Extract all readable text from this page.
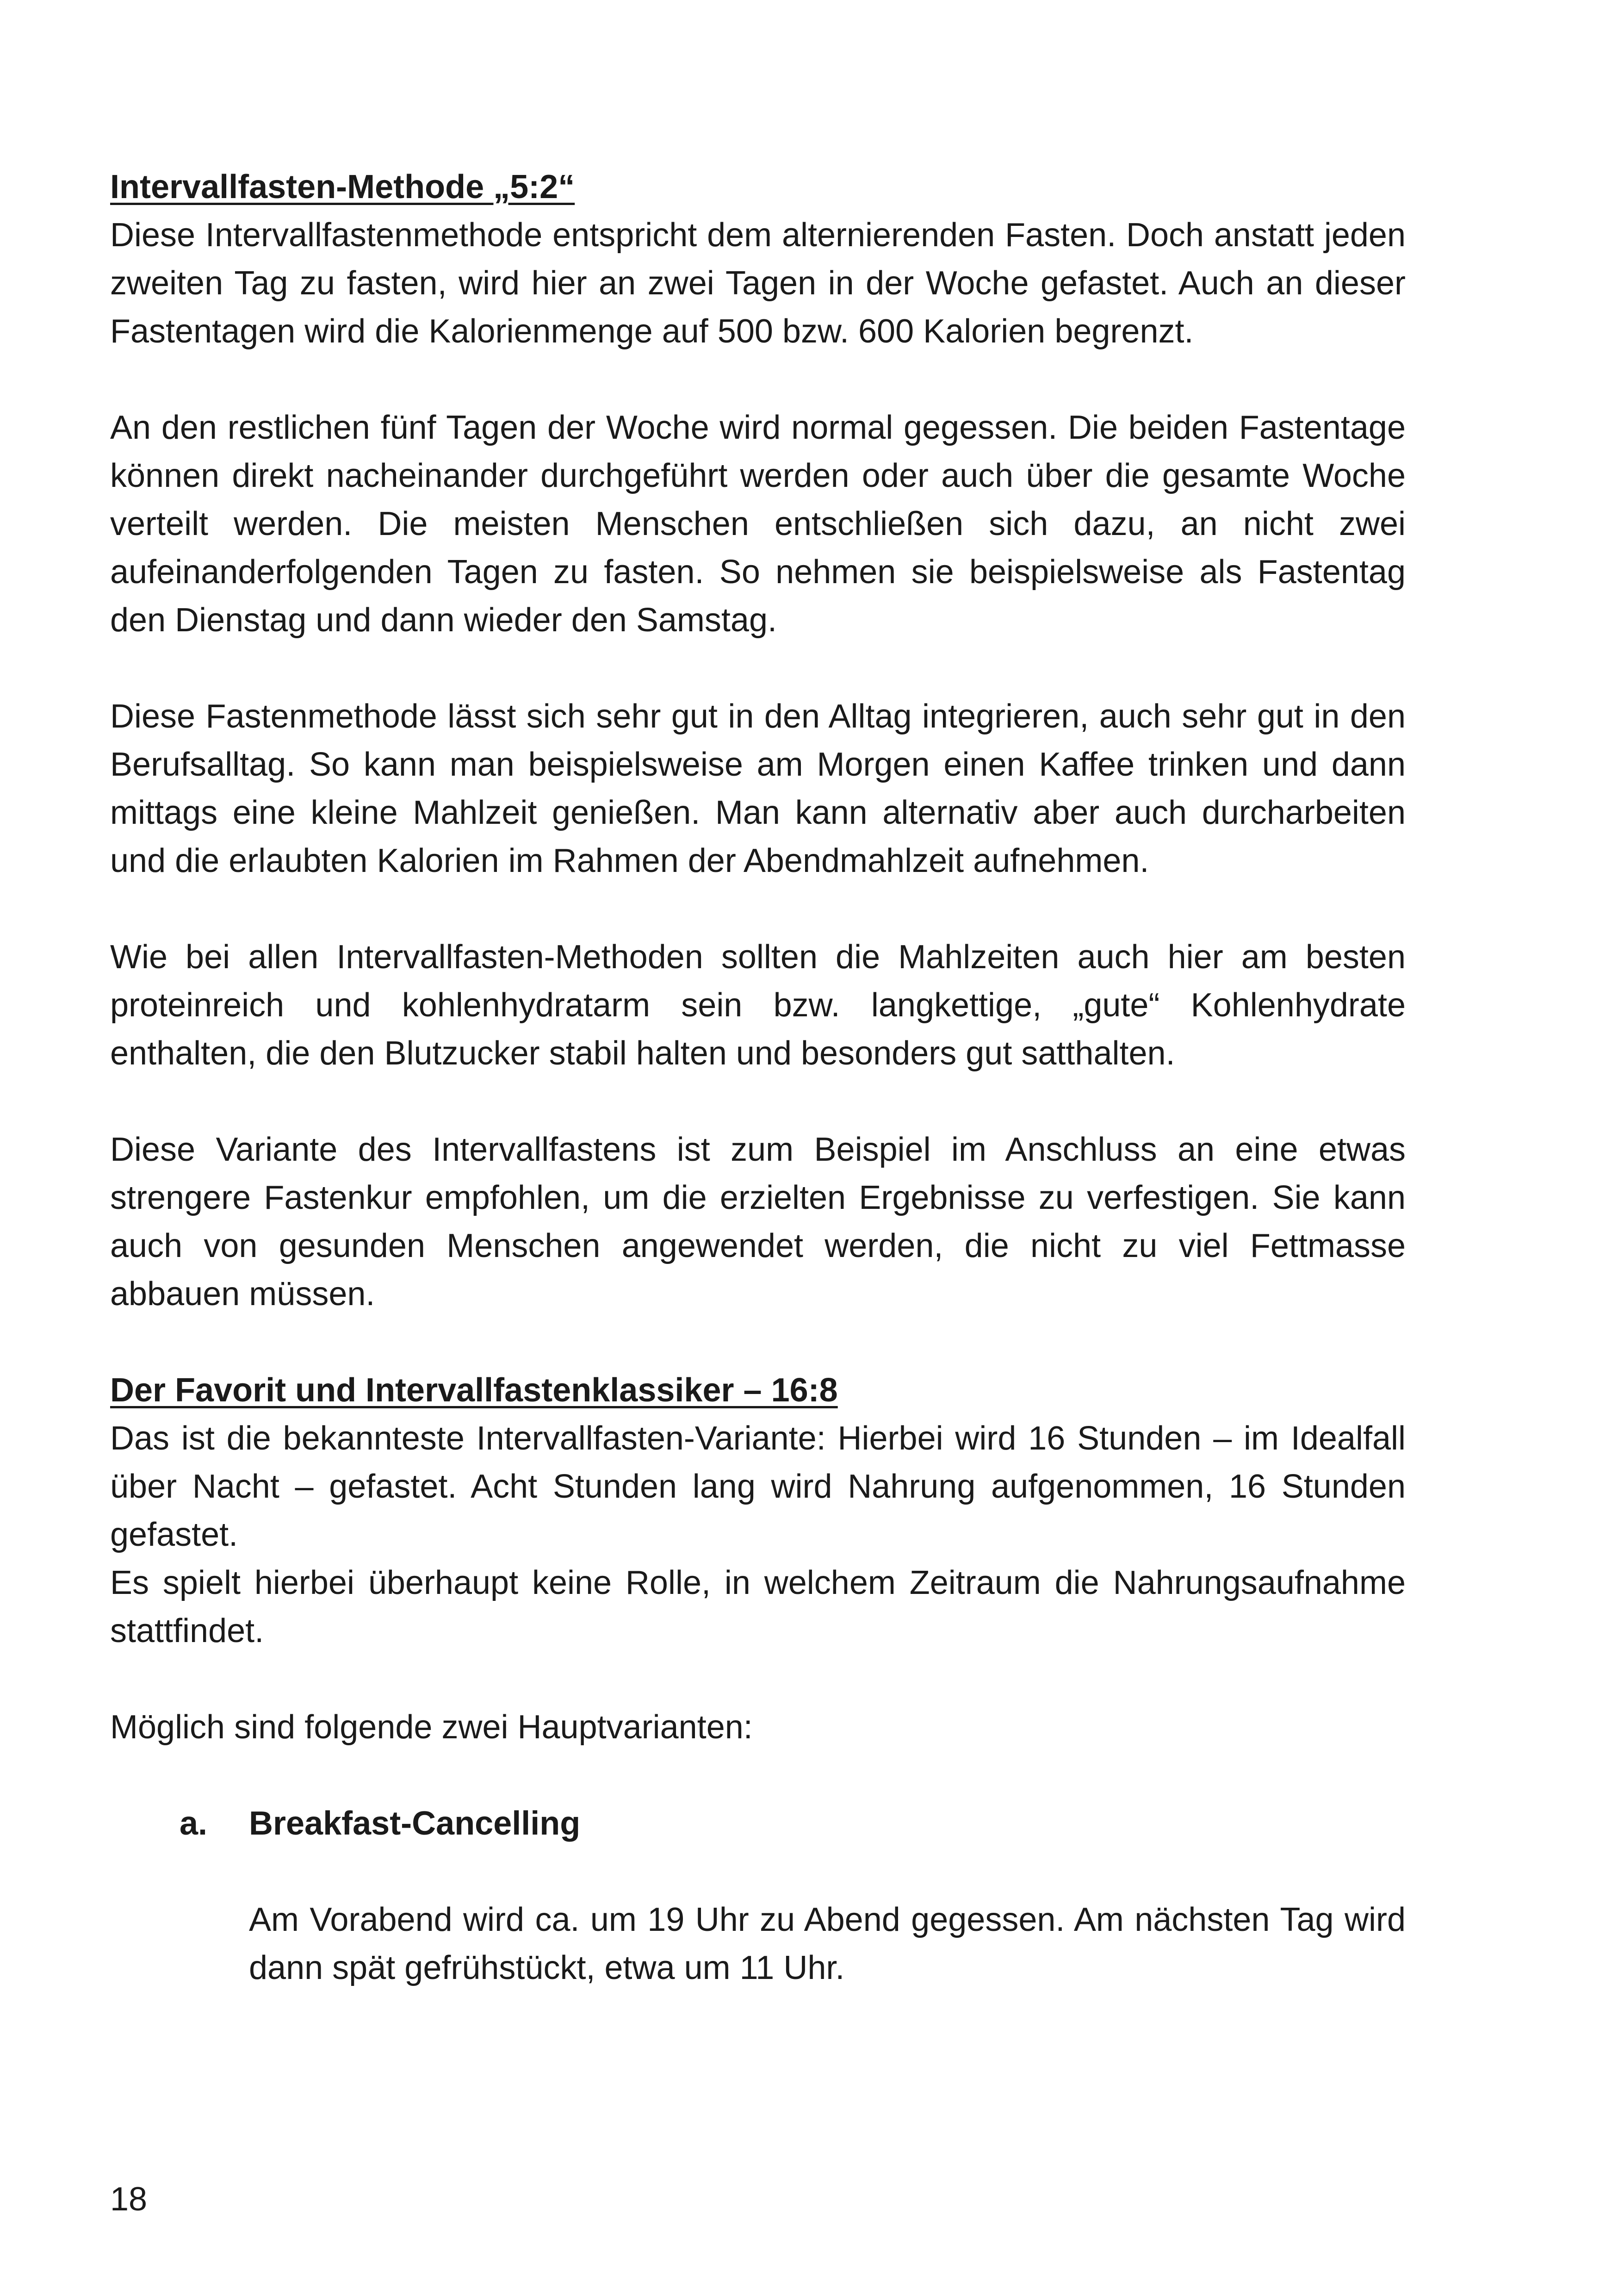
Intervallfasten-Methode „5:2“

Diese Intervallfastenmethode entspricht dem alternierenden Fasten. Doch anstatt jeden zweiten Tag zu fasten, wird hier an zwei Tagen in der Woche gefastet. Auch an dieser Fastentagen wird die Kalorienmenge auf 500 bzw. 600 Kalorien begrenzt.

An den restlichen fünf Tagen der Woche wird normal gegessen. Die beiden Fastentage können direkt nacheinander durchgeführt werden oder auch über die gesamte Woche verteilt werden. Die meisten Menschen entschließen sich dazu, an nicht zwei aufeinanderfolgenden Tagen zu fasten. So nehmen sie beispielsweise als Fastentag den Dienstag und dann wieder den Samstag.

Diese Fastenmethode lässt sich sehr gut in den Alltag integrieren, auch sehr gut in den Berufsalltag. So kann man beispielsweise am Morgen einen Kaffee trinken und dann mittags eine kleine Mahlzeit genießen. Man kann alternativ aber auch durcharbeiten und die erlaubten Kalorien im Rahmen der Abendmahlzeit aufnehmen.

Wie bei allen Intervallfasten-Methoden sollten die Mahlzeiten auch hier am besten proteinreich und kohlenhydratarm sein bzw. langkettige, „gute“ Kohlenhydrate enthalten, die den Blutzucker stabil halten und besonders gut satthalten.

Diese Variante des Intervallfastens ist zum Beispiel im Anschluss an eine etwas strengere Fastenkur empfohlen, um die erzielten Ergebnisse zu verfestigen. Sie kann auch von gesunden Menschen angewendet werden, die nicht zu viel Fettmasse abbauen müssen.

Der Favorit und Intervallfastenklassiker – 16:8

Das ist die bekannteste Intervallfasten-Variante: Hierbei wird 16 Stunden – im Idealfall über Nacht – gefastet. Acht Stunden lang wird Nahrung aufgenommen, 16 Stunden gefastet.

Es spielt hierbei überhaupt keine Rolle, in welchem Zeitraum die Nahrungsaufnahme stattfindet.

Möglich sind folgende zwei Hauptvarianten:

a. Breakfast-Cancelling
Am Vorabend wird ca. um 19 Uhr zu Abend gegessen. Am nächsten Tag wird dann spät gefrühstückt, etwa um 11 Uhr.
18
